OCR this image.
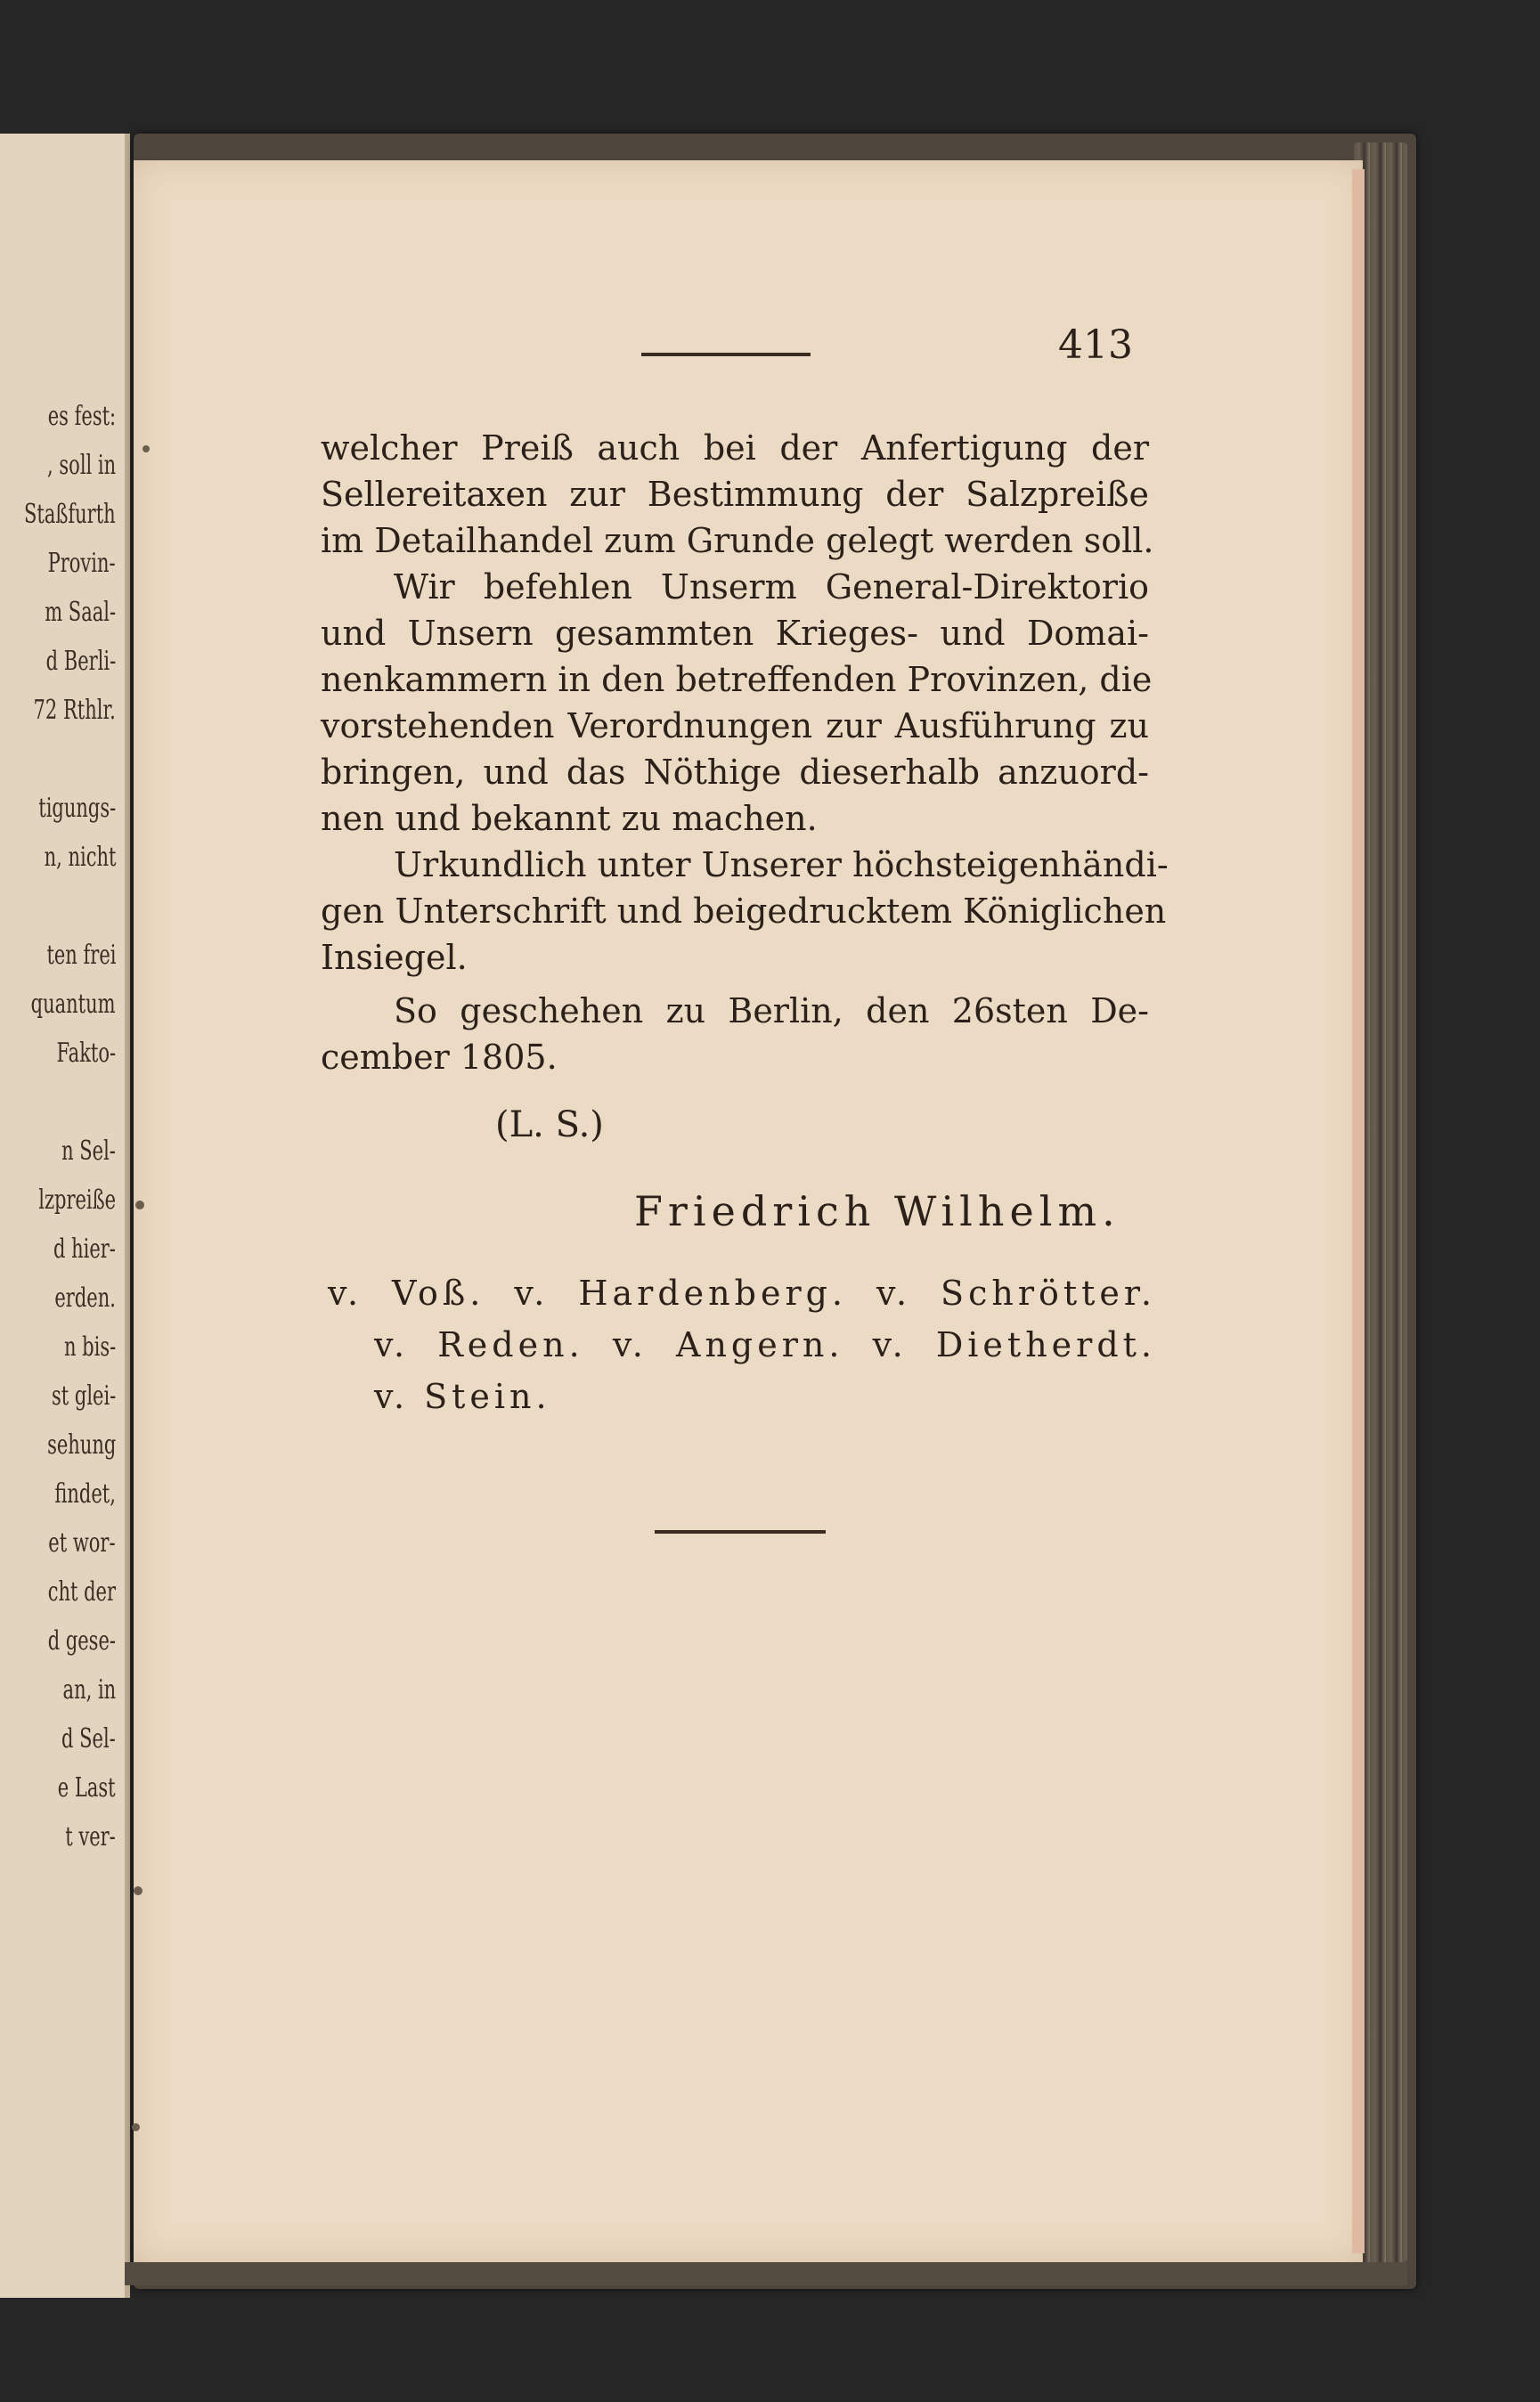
es fest:
, soll in
Staßfurth
Provin-
m Saal-
d Berli-
72 Rthlr.
tigungs-
n, nicht
ten frei
quantum
Fakto-
n Sel-
lzpreiße
d hier-
erden.
n bis-
st glei-
sehung
findet,
et wor-
cht der
d gese-
an, in
d Sel-
e Last
t ver-
413
welcher Preiß auch bei der Anfertigung der
Sellereitaxen zur Bestimmung der Salzpreiße
im Detailhandel zum Grunde gelegt werden soll.
Wir befehlen Unserm General-Direktorio
und Unsern gesammten Krieges- und Domai-
nenkammern in den betreffenden Provinzen, die
vorstehenden Verordnungen zur Ausführung zu
bringen, und das Nöthige dieserhalb anzuord-
nen und bekannt zu machen.
Urkundlich unter Unserer höchsteigenhändi-
gen Unterschrift und beigedrucktem Königlichen
Insiegel.
So geschehen zu Berlin, den 26sten De-
cember 1805.
(L. S.)
Friedrich Wilhelm.
v. Voß. v. Hardenberg. v. Schrötter.
v. Reden. v. Angern. v. Dietherdt.
v. Stein.
